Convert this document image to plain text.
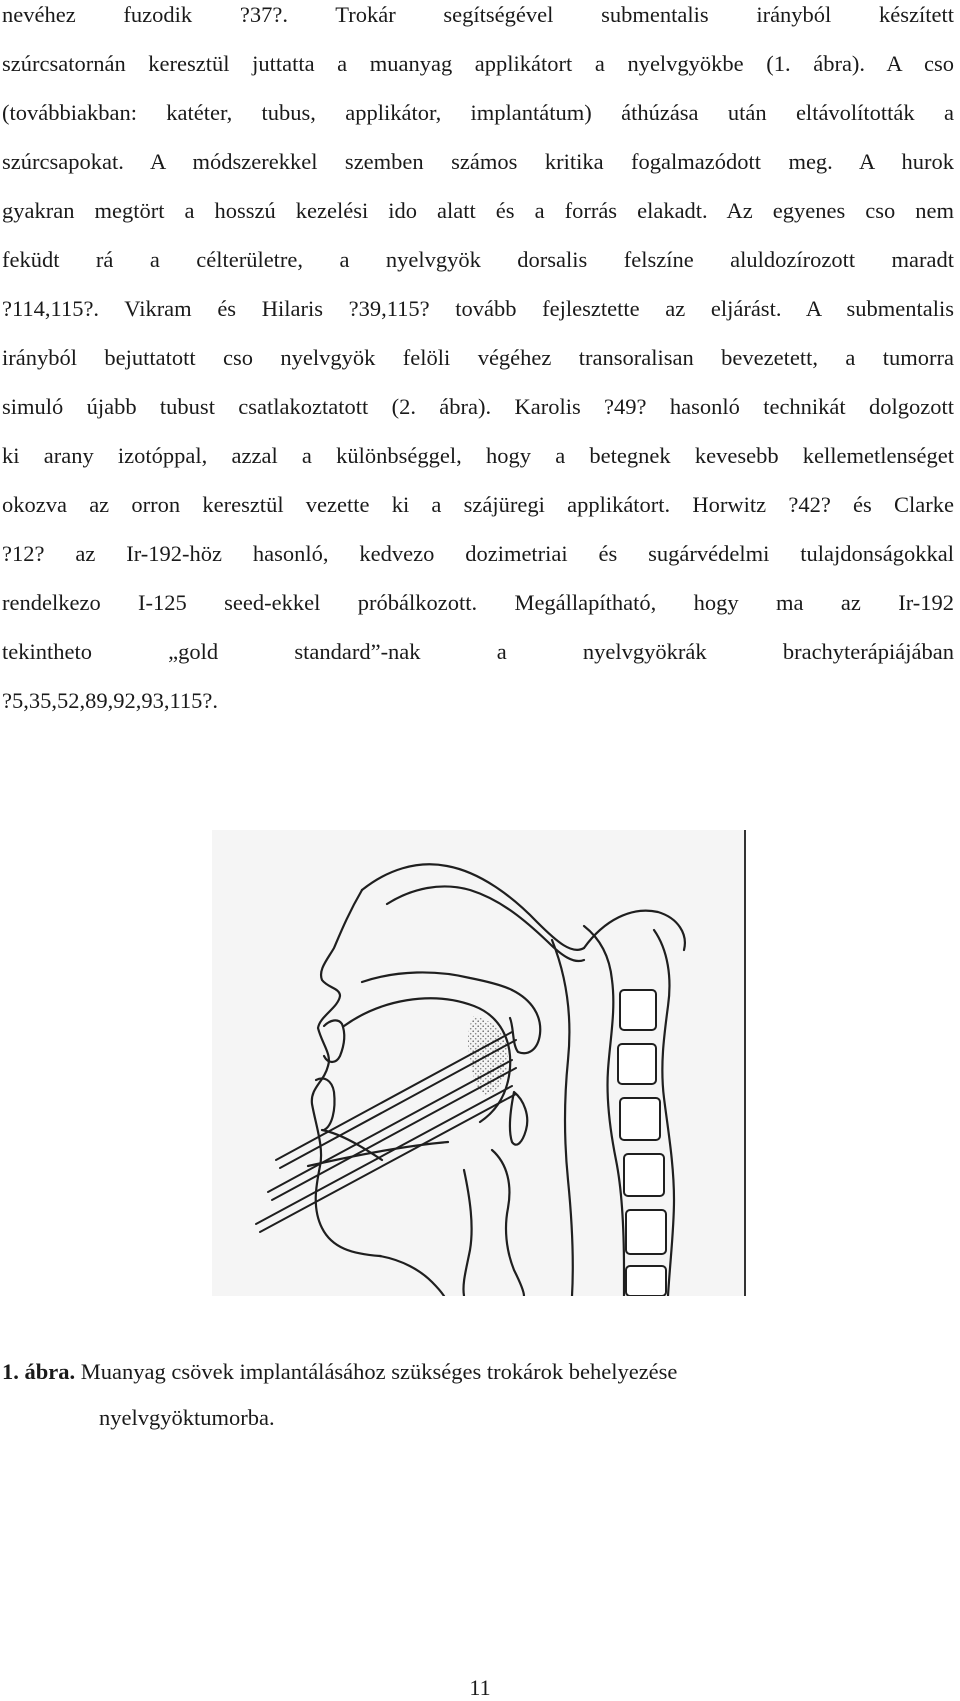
nevéhez fuzodik ?37?. Trokár segítségével submentalis irányból készített
szúrcsatornán keresztül juttatta a muanyag applikátort a nyelvgyökbe (1. ábra). A cso
(továbbiakban: katéter, tubus, applikátor, implantátum) áthúzása után eltávolították a
szúrcsapokat. A módszerekkel szemben számos kritika fogalmazódott meg. A hurok
gyakran megtört a hosszú kezelési ido alatt és a forrás elakadt. Az egyenes cso nem
feküdt rá a célterületre, a nyelvgyök dorsalis felszíne aluldozírozott maradt
?114,115?. Vikram és Hilaris ?39,115? tovább fejlesztette az eljárást. A submentalis
irányból bejuttatott cso nyelvgyök felöli végéhez transoralisan bevezetett, a tumorra
simuló újabb tubust csatlakoztatott (2. ábra). Karolis ?49? hasonló technikát dolgozott
ki arany izotóppal, azzal a különbséggel, hogy a betegnek kevesebb kellemetlenséget
okozva az orron keresztül vezette ki a szájüregi applikátort. Horwitz ?42? és Clarke
?12? az Ir-192-höz hasonló, kedvezo dozimetriai és sugárvédelmi tulajdonságokkal
rendelkezo I-125 seed-ekkel próbálkozott. Megállapítható, hogy ma az Ir-192
tekintheto „gold standard”-nak a nyelvgyökrák brachyterápiájában
?5,35,52,89,92,93,115?.
1. ábra. Muanyag csövek implantálásához szükséges trokárok behelyezése
nyelvgyöktumorba.
11
